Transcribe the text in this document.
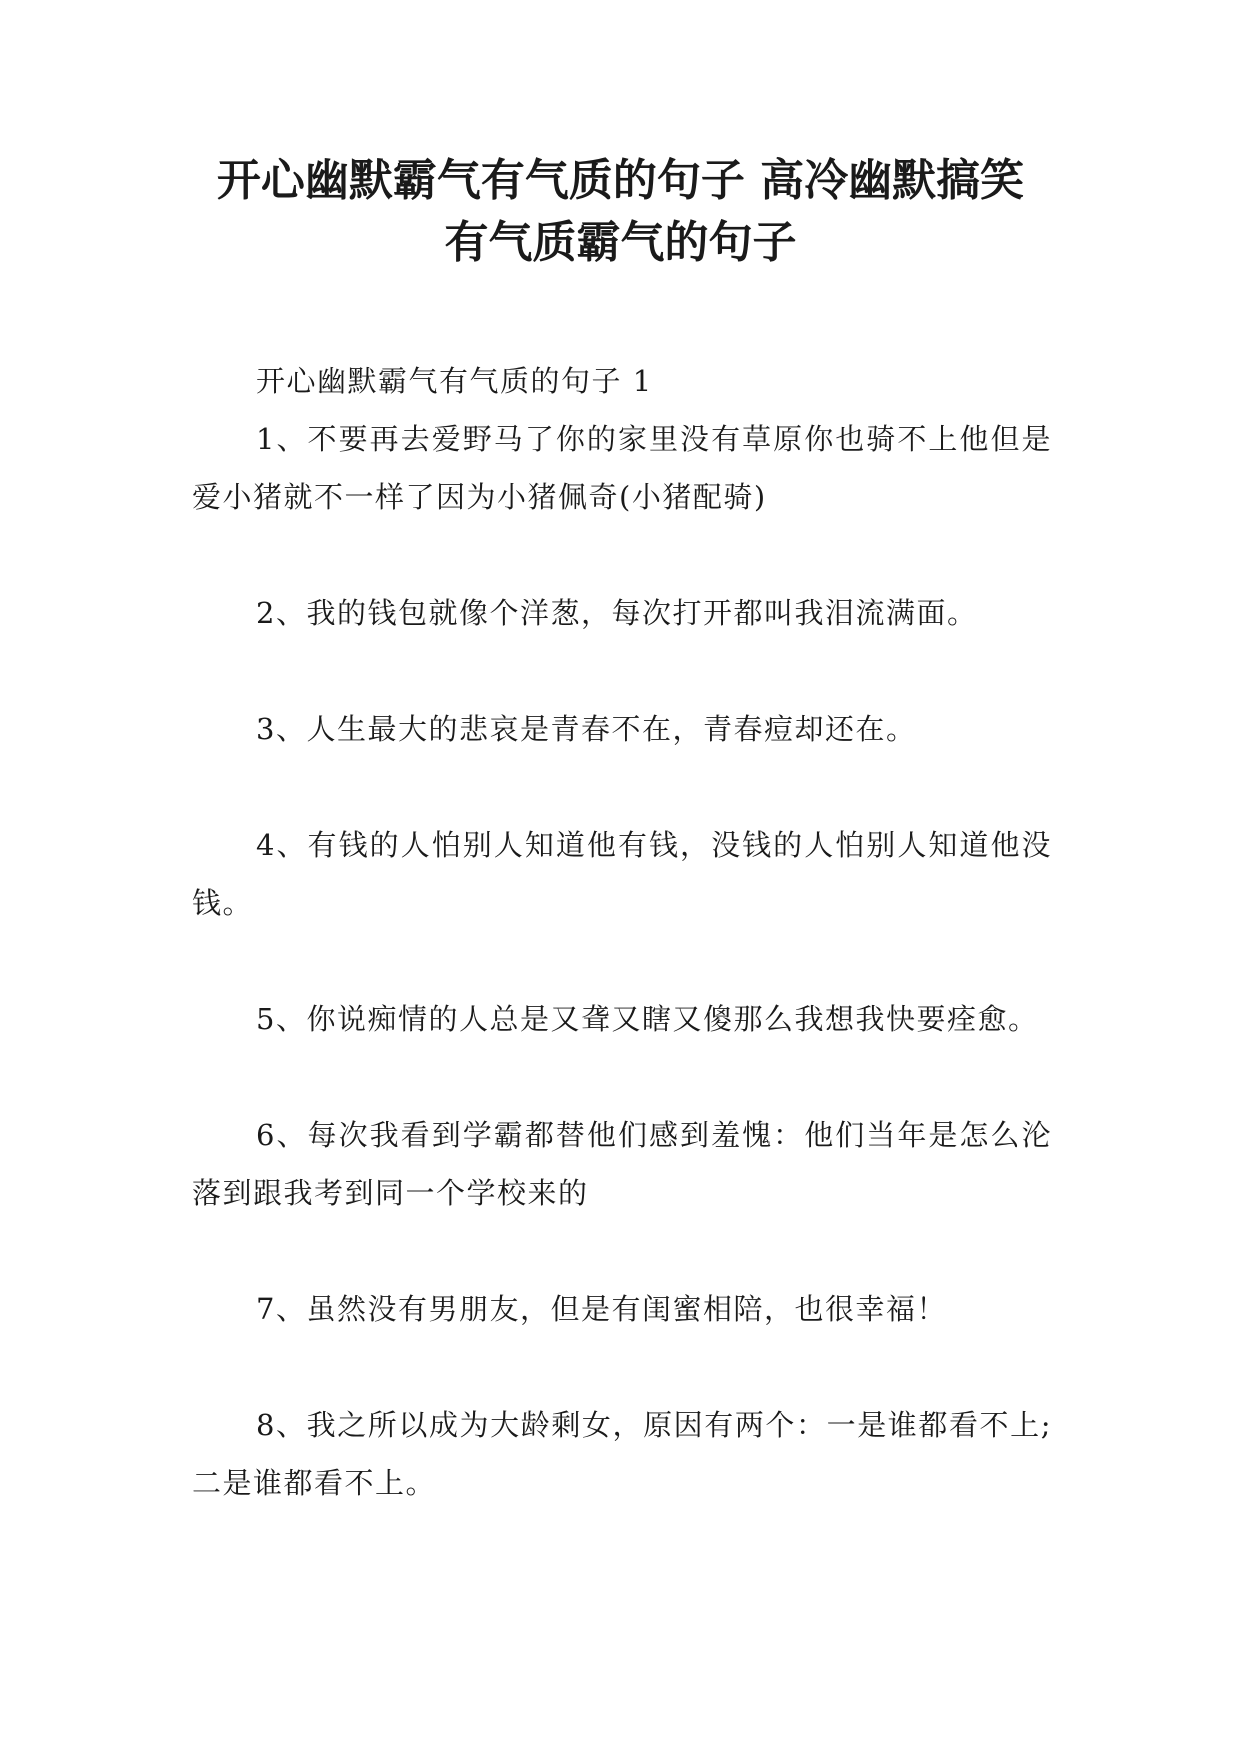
开心幽默霸气有气质的句子 高冷幽默搞笑
有气质霸气的句子

开心幽默霸气有气质的句子 1

1、不要再去爱野马了你的家里没有草原你也骑不上他但是爱小猪就不一样了因为小猪佩奇(小猪配骑)

2、我的钱包就像个洋葱，每次打开都叫我泪流满面。

3、人生最大的悲哀是青春不在，青春痘却还在。

4、有钱的人怕别人知道他有钱，没钱的人怕别人知道他没钱。

5、你说痴情的人总是又聋又瞎又傻那么我想我快要痊愈。

6、每次我看到学霸都替他们感到羞愧：他们当年是怎么沦落到跟我考到同一个学校来的

7、虽然没有男朋友，但是有闺蜜相陪，也很幸福！

8、我之所以成为大龄剩女，原因有两个：一是谁都看不上;二是谁都看不上。
